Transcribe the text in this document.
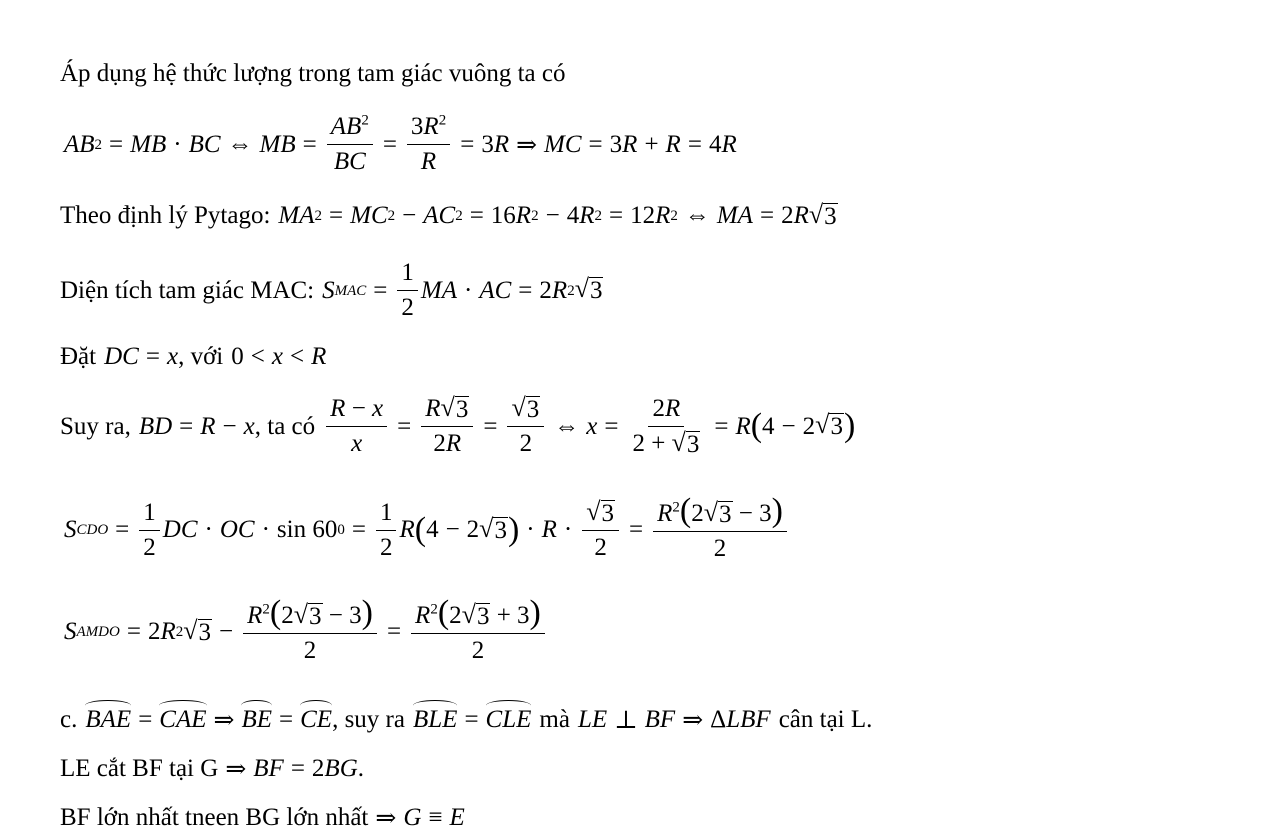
Áp dụng hệ thức lượng trong tam giác vuông ta có
AB 2 = MB · BC ⇔ MB = $\frac{AB^2}{BC} = \frac{3R^2}{R} = 3$ R ⇒ MC = 3 R + R = 4 R
Theo định lý Pytago: MA 2 = MC 2 − AC 2 = 16 R 2 − 4 R 2 = 12 R 2 ⇔ MA = 2 R √ 3
Diện tích tam giác MAC: S MAC = $\frac{1}{2}$ MA · AC = 2 R 2 √ 3
Đặt DC = x , với 0 < x < R
Suy ra, BD = R − x , ta có $\frac{R - x}{x} = \frac{R √ 3}{2R} = \frac{√ 3}{2}$ ⇔ $x = \frac{2R}{2 + √ 3} = R$ ( 4 − 2 √ 3 )
S CDO = $\frac{1}{2}$ DC · OC · sin 60 $0 = \frac{1}{2}$ R ( 4 − 2 √ 3 ) · $R \cdot \frac{√ 3}{2} = \frac{R^2(2 √ 3 - 3)}{2}$
S AMDO = 2 R 2 √ $3 - \frac{R^2(2 √ 3 - 3)}{2} = \frac{R^2(2 √ 3 + 3)}{2}$
c. BAE = CAE ⇒ BE = CE , suy ra BLE = CLE mà LE ⊥ BF ⇒ Δ LBF cân tại L.
LE cắt BF tại G ⇒ BF = 2 BG .
BF lớn nhất tneen BG lớn nhất ⇒ G ≡ E
